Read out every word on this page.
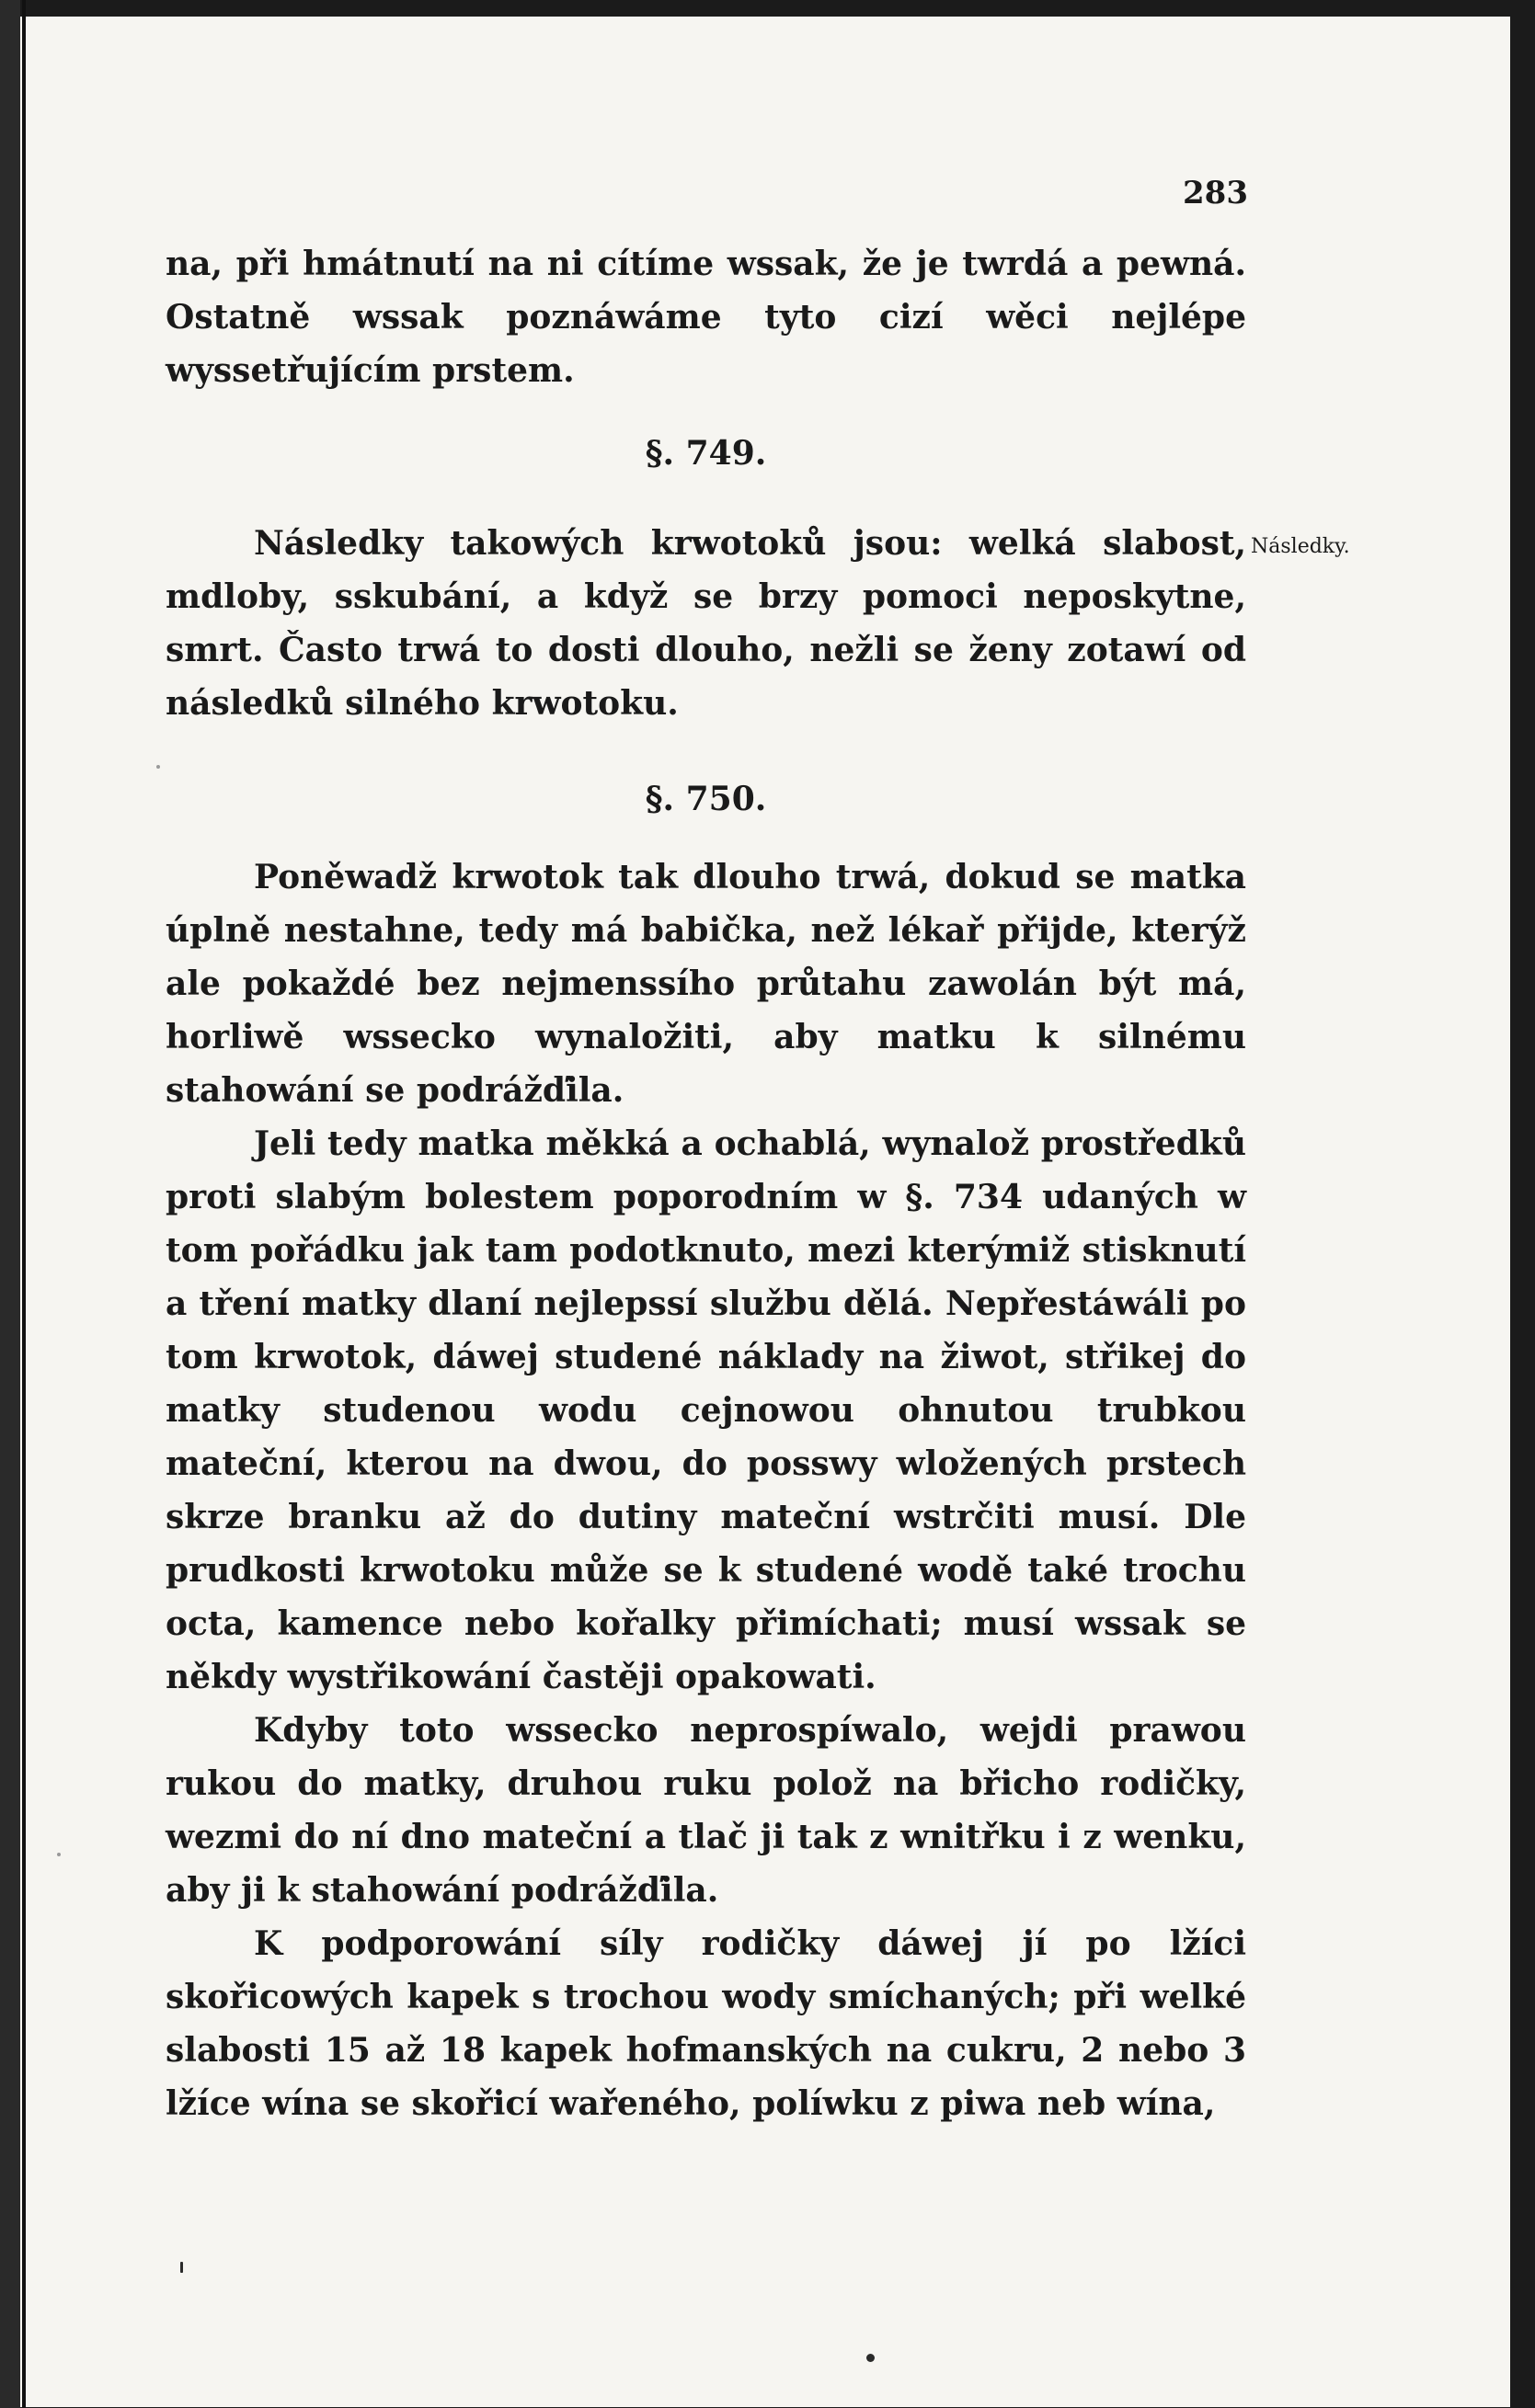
283

na, při hmátnutí na ni cítíme wssak, že je twrdá a pewná. Ostatně wssak poznáwáme tyto cizí wěci nejlépe wyssetřujícím prstem.

§. 749.
Následky.

Následky takowých krwotoků jsou: welká slabost, mdloby, sskubání, a když se brzy pomoci neposkytne, smrt. Často trwá to dosti dlouho, nežli se ženy zotawí od následků silného krwotoku.

§. 750.

Poněwadž krwotok tak dlouho trwá, dokud se matka úplně nestahne, tedy má babička, než lékař přijde, kterýž ale pokaždé bez nejmenssího průtahu zawolán být má, horliwě wssecko wynaložiti, aby matku k silnému stahowání se podrážďila.

Jeli tedy matka měkká a ochablá, wynalož prostředků proti slabým bolestem poporodním w §. 734 udaných w tom pořádku jak tam podotknuto, mezi kterýmiž stisknutí a tření matky dlaní nejlepssí službu dělá. Nepřestáwáli po tom krwotok, dáwej studené náklady na žiwot, střikej do matky studenou wodu cejnowou ohnutou trubkou mateční, kterou na dwou, do posswy wložených prstech skrze branku až do dutiny mateční wstrčiti musí. Dle prudkosti krwotoku může se k studené wodě také trochu octa, kamence nebo kořalky přimíchati; musí wssak se někdy wystřikowání častěji opakowati.

Kdyby toto wssecko neprospíwalo, wejdi prawou rukou do matky, druhou ruku polož na břicho rodičky, wezmi do ní dno mateční a tlač ji tak z wnitřku i z wenku, aby ji k stahowání podrážďila.

K podporowání síly rodičky dáwej jí po lžíci skořicowých kapek s trochou wody smíchaných; při welké slabosti 15 až 18 kapek hofmanských na cukru, 2 nebo 3 lžíce wína se skořicí wařeného, políwku z piwa neb wína,
